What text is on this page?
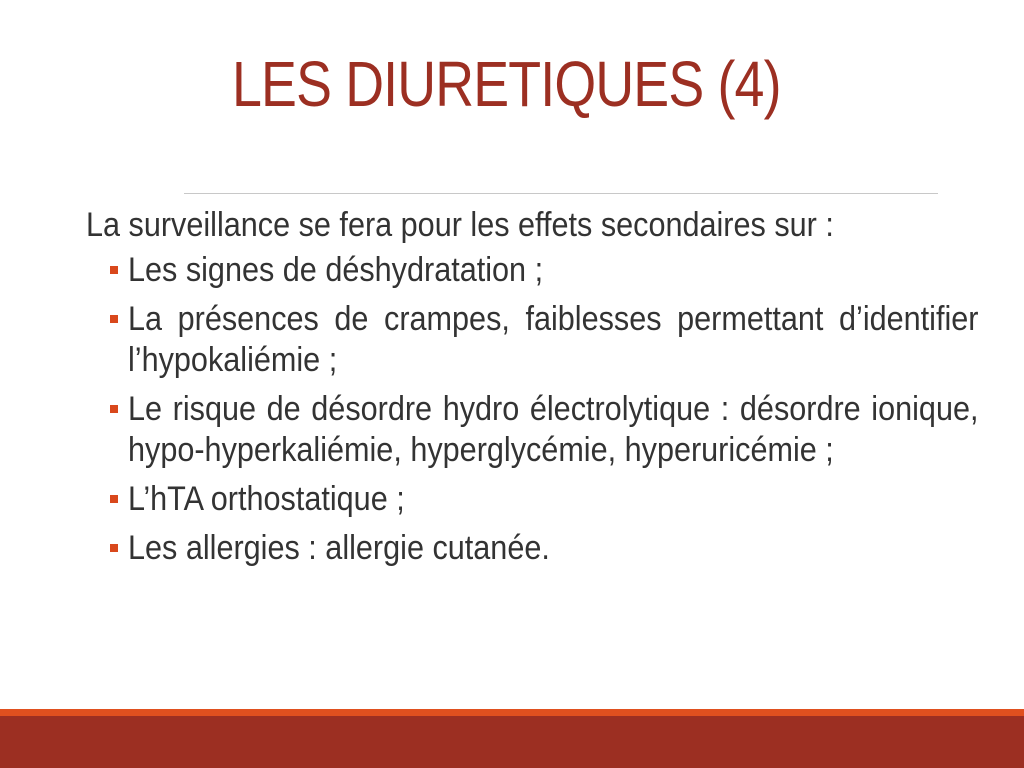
LES DIURETIQUES (4)

La surveillance se fera pour les effets secondaires sur :

Les signes de déshydratation ;
La présences de crampes, faiblesses permettant d’identifier l’hypokaliémie ;
Le risque de désordre hydro électrolytique : désordre ionique, hypo-hyperkaliémie, hyperglycémie, hyperuricémie ;
L’hTA orthostatique ;
Les allergies : allergie cutanée.
